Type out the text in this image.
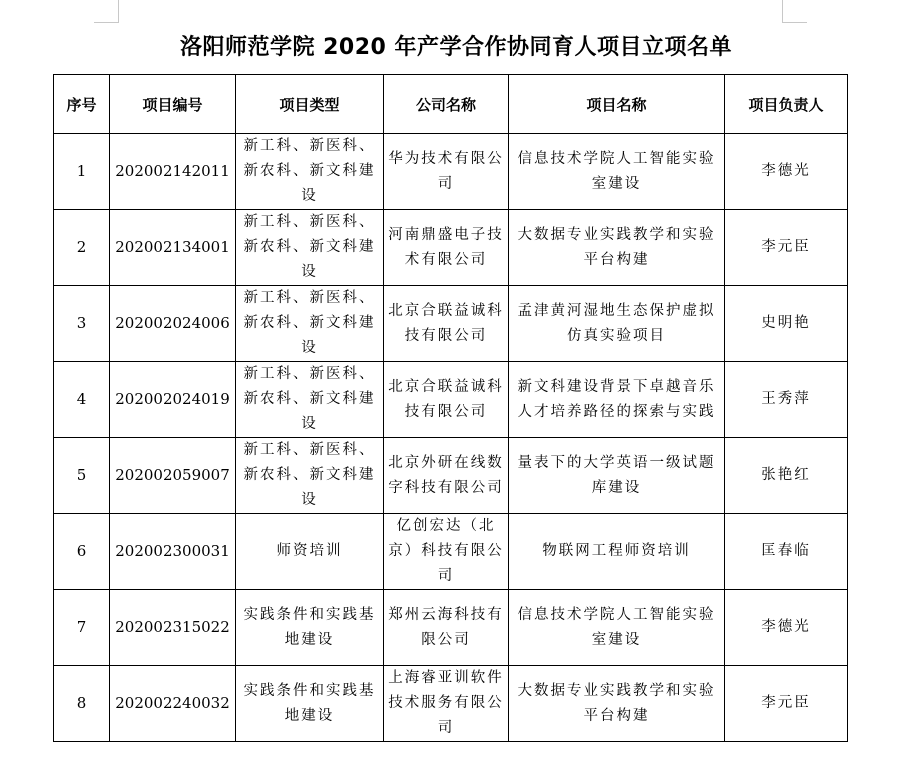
洛阳师范学院 2020 年产学合作协同育人项目立项名单
序号	项目编号	项目类型	公司名称	项目名称	项目负责人
1	202002142011	新工科、新医科、新农科、新文科建设	华为技术有限公司	信息技术学院人工智能实验室建设	李德光
2	202002134001	新工科、新医科、新农科、新文科建设	河南鼎盛电子技术有限公司	大数据专业实践教学和实验平台构建	李元臣
3	202002024006	新工科、新医科、新农科、新文科建设	北京合联益诚科技有限公司	孟津黄河湿地生态保护虚拟仿真实验项目	史明艳
4	202002024019	新工科、新医科、新农科、新文科建设	北京合联益诚科技有限公司	新文科建设背景下卓越音乐人才培养路径的探索与实践	王秀萍
5	202002059007	新工科、新医科、新农科、新文科建设	北京外研在线数字科技有限公司	量表下的大学英语一级试题库建设	张艳红
6	202002300031	师资培训	亿创宏达（北京）科技有限公司	物联网工程师资培训	匡春临
7	202002315022	实践条件和实践基地建设	郑州云海科技有限公司	信息技术学院人工智能实验室建设	李德光
8	202002240032	实践条件和实践基地建设	上海睿亚训软件技术服务有限公司	大数据专业实践教学和实验平台构建	李元臣
